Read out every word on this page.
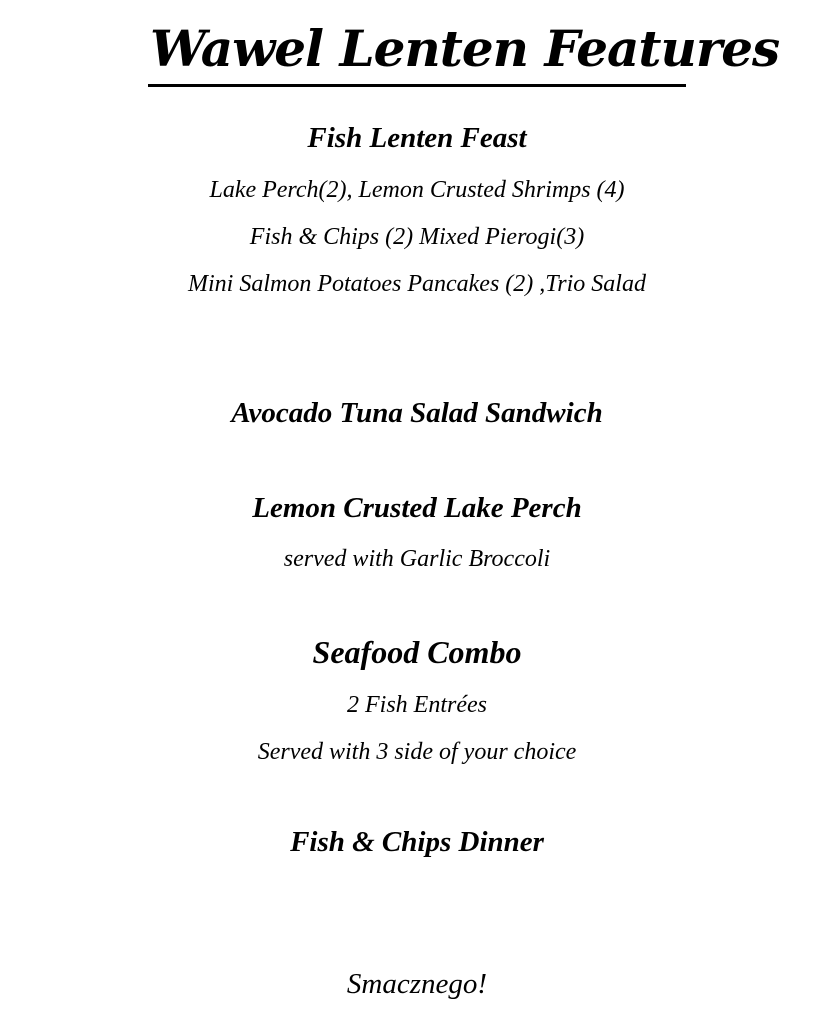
Wawel Lenten Features
Fish Lenten Feast
Lake Perch(2), Lemon Crusted Shrimps (4)
Fish & Chips (2) Mixed Pierogi(3)
Mini Salmon Potatoes Pancakes (2) ,Trio Salad
Avocado Tuna Salad Sandwich
Lemon Crusted Lake Perch
served with Garlic Broccoli
Seafood Combo
2 Fish Entrées
Served with 3 side of your choice
Fish & Chips Dinner
Smacznego!
